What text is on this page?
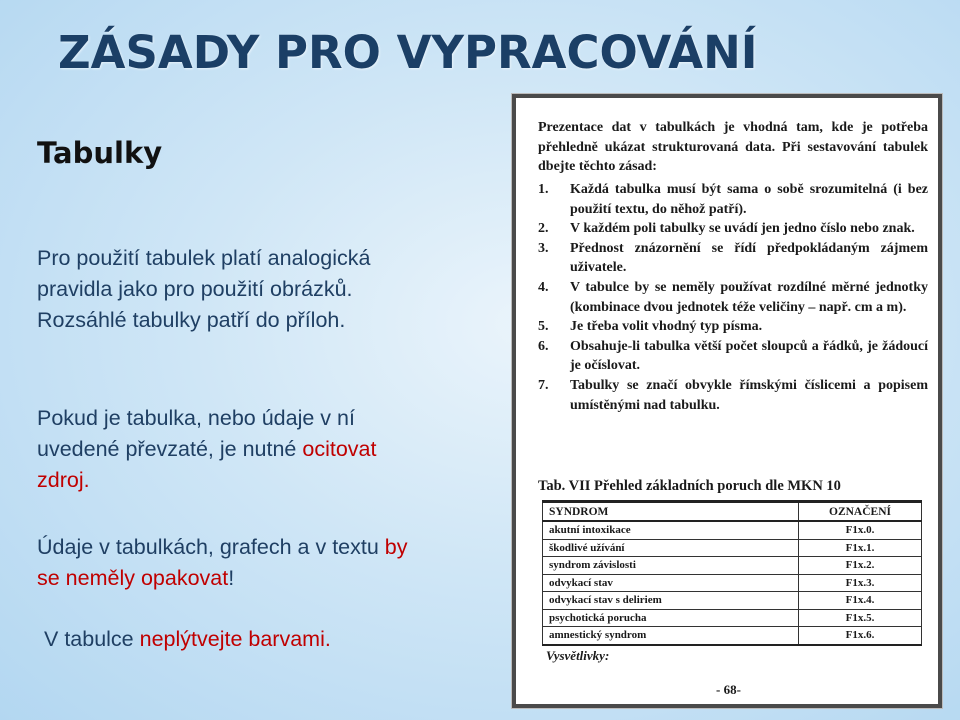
ZÁSADY PRO VYPRACOVÁNÍ
Tabulky

Pro použití tabulek platí analogická pravidla jako pro použití obrázků. Rozsáhlé tabulky patří do příloh.

Pokud je tabulka, nebo údaje v ní uvedené převzaté, je nutné ocitovat zdroj.

Údaje v tabulkách, grafech a v textu by se neměly opakovat!

V tabulce neplýtvejte barvami.

Prezentace dat v tabulkách je vhodná tam, kde je potřeba přehledně ukázat strukturovaná data. Při sestavování tabulek dbejte těchto zásad:

1.	Každá tabulka musí být sama o sobě srozumitelná (i bez použití textu, do něhož patří).
2.	V každém poli tabulky se uvádí jen jedno číslo nebo znak.
3.	Přednost znázornění se řídí předpokládaným zájmem uživatele.
4.	V tabulce by se neměly používat rozdílné měrné jednotky (kombinace dvou jednotek téže veličiny – např. cm a m).
5.	Je třeba volit vhodný typ písma.
6.	Obsahuje-li tabulka větší počet sloupců a řádků, je žádoucí je očíslovat.
7.	Tabulky se značí obvykle římskými číslicemi a popisem umístěnými nad tabulku.

Tab. VII Přehled základních poruch dle MKN 10

SYNDROM	OZNAČENÍ
akutní intoxikace	F1x.0.
škodlivé užívání	F1x.1.
syndrom závislosti	F1x.2.
odvykací stav	F1x.3.
odvykací stav s deliriem	F1x.4.
psychotická porucha	F1x.5.
amnestický syndrom	F1x.6.

Vysvětlivky:

- 68-
